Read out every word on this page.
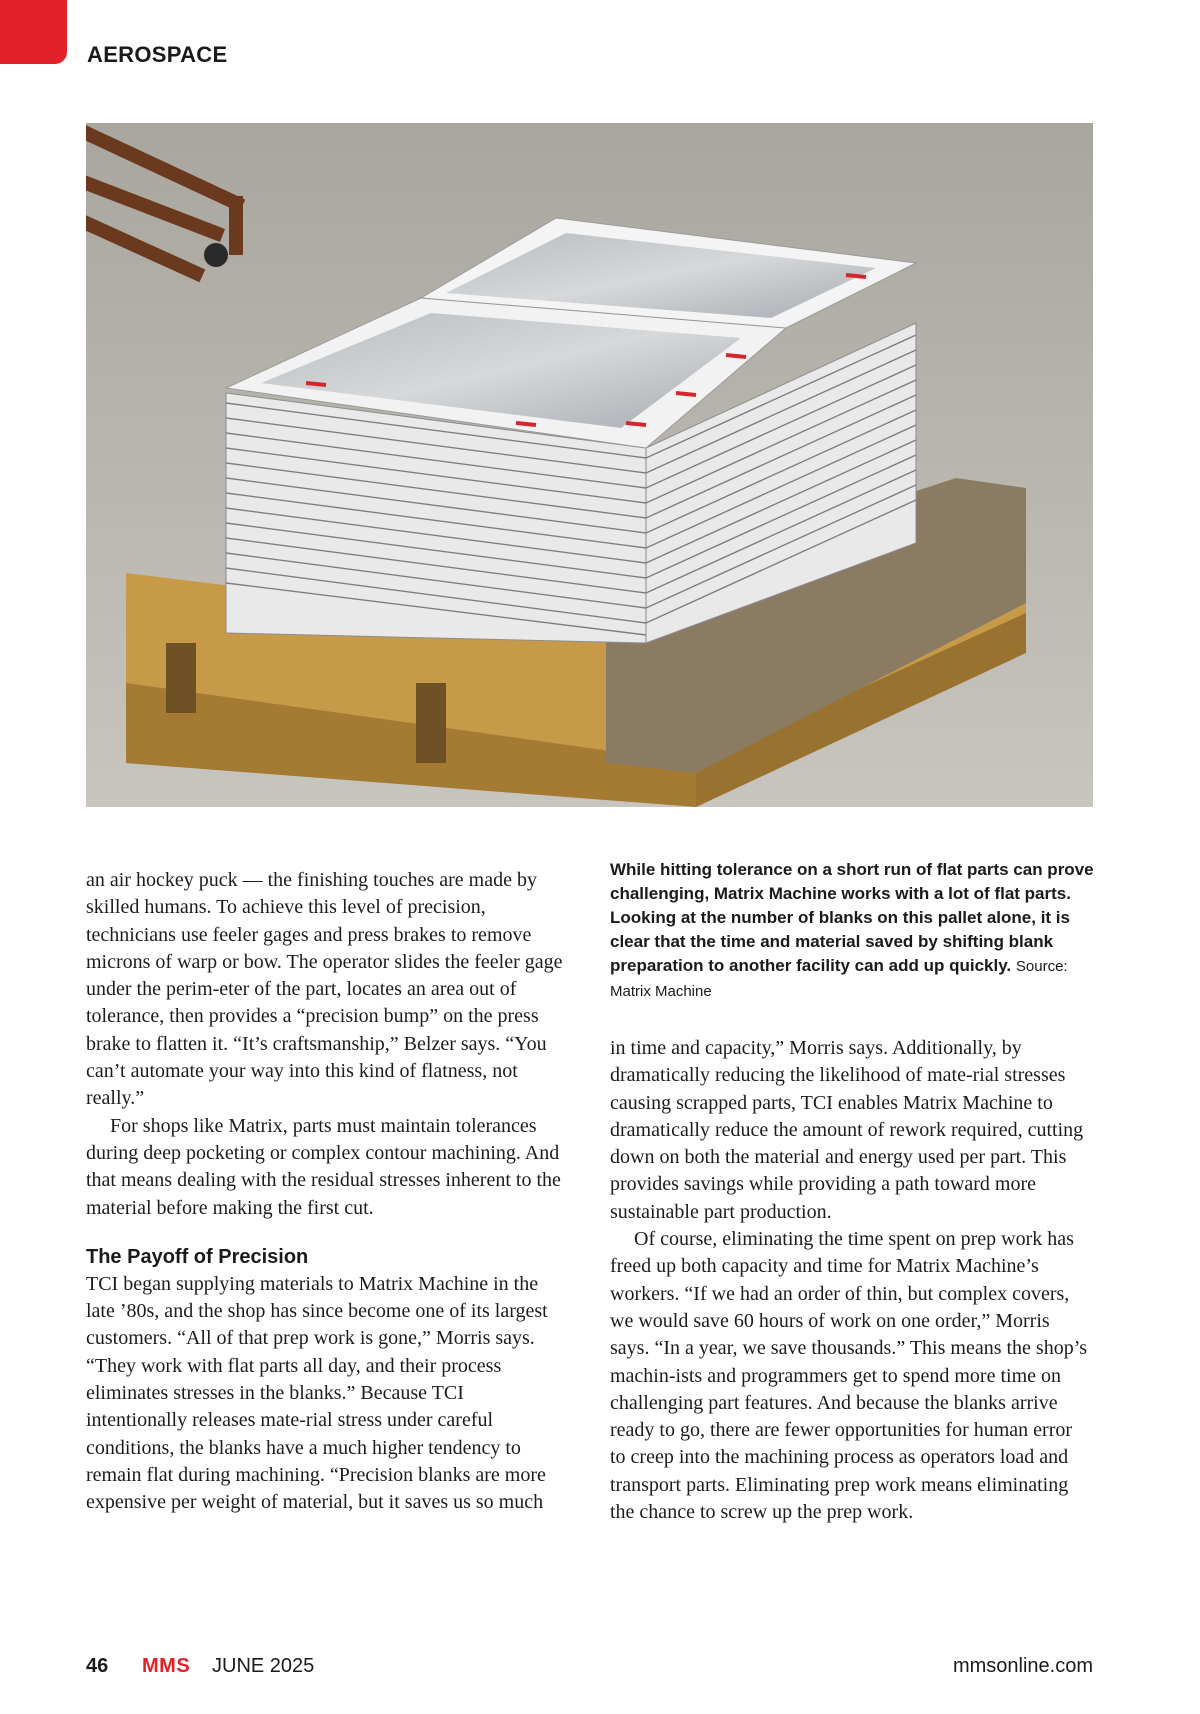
AEROSPACE
While hitting tolerance on a short run of flat parts can prove challenging, Matrix Machine works with a lot of flat parts. Looking at the number of blanks on this pallet alone, it is clear that the time and material saved by shifting blank preparation to another facility can add up quickly. Source: Matrix Machine

an air hockey puck — the finishing touches are made by skilled humans. To achieve this level of precision, technicians use feeler gages and press brakes to remove microns of warp or bow. The operator slides the feeler gage under the perim-eter of the part, locates an area out of tolerance, then provides a “precision bump” on the press brake to flatten it. “It’s craftsmanship,” Belzer says. “You can’t automate your way into this kind of flatness, not really.”

For shops like Matrix, parts must maintain tolerances during deep pocketing or complex contour machining. And that means dealing with the residual stresses inherent to the material before making the first cut.

The Payoff of Precision

TCI began supplying materials to Matrix Machine in the late ’80s, and the shop has since become one of its largest customers. “All of that prep work is gone,” Morris says. “They work with flat parts all day, and their process eliminates stresses in the blanks.” Because TCI intentionally releases mate-rial stress under careful conditions, the blanks have a much higher tendency to remain flat during machining. “Precision blanks are more expensive per weight of material, but it saves us so much

in time and capacity,” Morris says. Additionally, by dramatically reducing the likelihood of mate-rial stresses causing scrapped parts, TCI enables Matrix Machine to dramatically reduce the amount of rework required, cutting down on both the material and energy used per part. This provides savings while providing a path toward more sustainable part production.

Of course, eliminating the time spent on prep work has freed up both capacity and time for Matrix Machine’s workers. “If we had an order of thin, but complex covers, we would save 60 hours of work on one order,” Morris says. “In a year, we save thousands.” This means the shop’s machin-ists and programmers get to spend more time on challenging part features. And because the blanks arrive ready to go, there are fewer opportunities for human error to creep into the machining process as operators load and transport parts. Eliminating prep work means eliminating the chance to screw up the prep work.

46 MMS JUNE 2025	mmsonline.com
